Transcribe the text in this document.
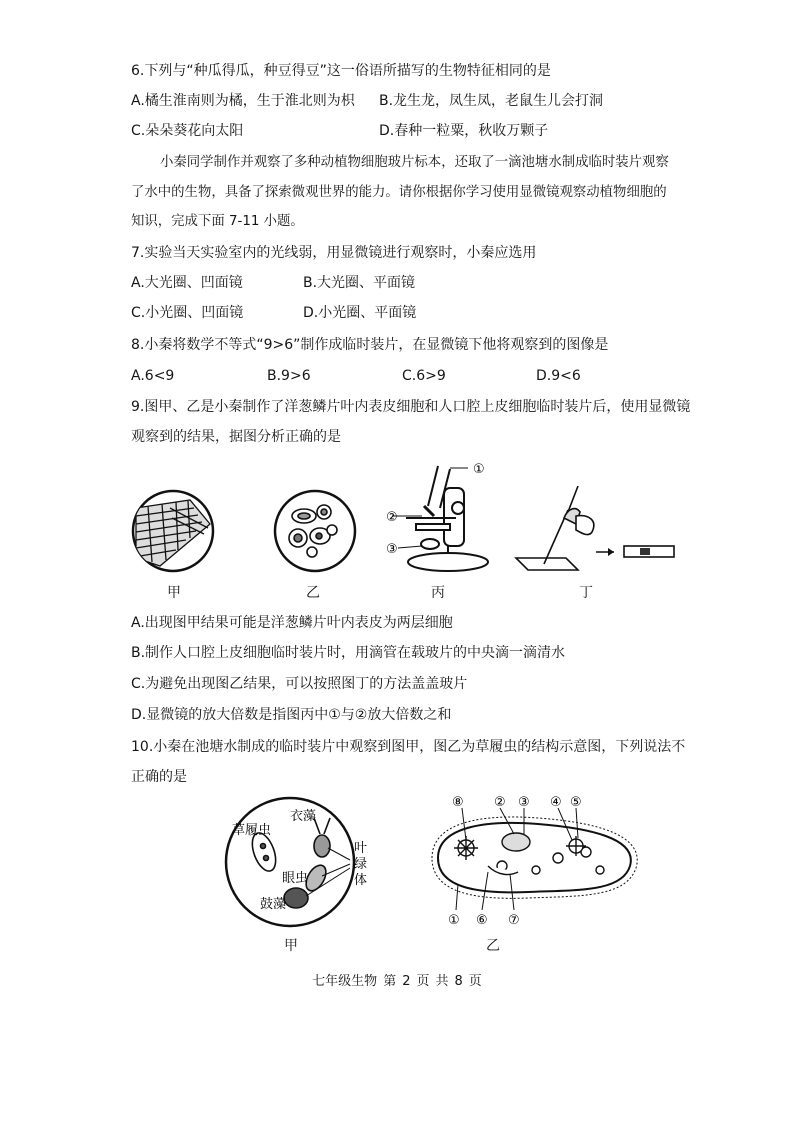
6.下列与“种瓜得瓜，种豆得豆”这一俗语所描写的生物特征相同的是
A.橘生淮南则为橘，生于淮北则为枳 B.龙生龙，凤生凤，老鼠生儿会打洞
C.朵朵葵花向太阳	D.春种一粒粟，秋收万颗子
小秦同学制作并观察了多种动植物细胞玻片标本，还取了一滴池塘水制成临时装片观察
了水中的生物，具备了探索微观世界的能力。请你根据你学习使用显微镜观察动植物细胞的
知识，完成下面 7-11 小题。
7.实验当天实验室内的光线弱，用显微镜进行观察时，小秦应选用
A.大光圈、凹面镜	B.大光圈、平面镜
C.小光圈、凹面镜	D.小光圈、平面镜
8.小秦将数学不等式“9>6”制作成临时装片，在显微镜下他将观察到的图像是
A.6<9	B.9>6	C.6>9	D.9<6
9.图甲、乙是小秦制作了洋葱鳞片叶内表皮细胞和人口腔上皮细胞临时装片后，使用显微镜
观察到的结果，据图分析正确的是
甲	乙
①
②
③
丙	丁
A.出现图甲结果可能是洋葱鳞片叶内表皮为两层细胞
B.制作人口腔上皮细胞临时装片时，用滴管在载玻片的中央滴一滴清水
C.为避免出现图乙结果，可以按照图丁的方法盖盖玻片
D.显微镜的放大倍数是指图丙中①与②放大倍数之和
10.小秦在池塘水制成的临时装片中观察到图甲，图乙为草履虫的结构示意图，下列说法不
正确的是
草履虫
衣藻
眼虫
鼓藻
叶
绿
体
甲
⑧ ② ③ ④ ⑤
① ⑥ ⑦
乙
七年级生物 第 2 页 共 8 页
